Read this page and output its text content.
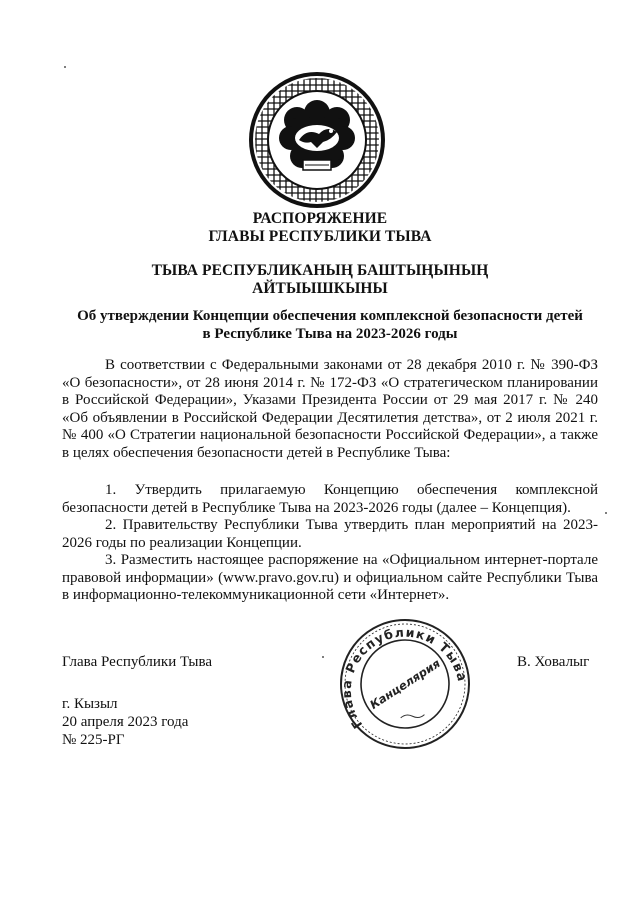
РАСПОРЯЖЕНИЕ
ГЛАВЫ РЕСПУБЛИКИ ТЫВА
ТЫВА РЕСПУБЛИКАНЫҢ БАШТЫҢЫНЫҢ
АЙТЫЫШКЫНЫ
Об утверждении Концепции обеспечения комплексной безопасности детей
в Республике Тыва на 2023-2026 годы
В соответствии с Федеральными законами от 28 декабря 2010 г. № 390-ФЗ «О безопасности», от 28 июня 2014 г. № 172-ФЗ «О стратегическом планировании в Российской Федерации», Указами Президента России от 29 мая 2017 г. № 240 «Об объявлении в Российской Федерации Десятилетия детства», от 2 июля 2021 г. № 400 «О Стратегии национальной безопасности Российской Федерации», а также в целях обеспечения безопасности детей в Республике Тыва:
1. Утвердить прилагаемую Концепцию обеспечения комплексной безопасности детей в Республике Тыва на 2023-2026 годы (далее – Концепция).
2. Правительству Республики Тыва утвердить план мероприятий на 2023-2026 годы по реализации Концепции.
3. Разместить настоящее распоряжение на «Официальном интернет-портале правовой информации» (www.pravo.gov.ru) и официальном сайте Республики Тыва в информационно-телекоммуникационной сети «Интернет».
Глава Республики Тыва	В. Ховалыг
г. Кызыл
20 апреля 2023 года
№ 225-РГ
Глава Республики Тыва
Канцелярия
